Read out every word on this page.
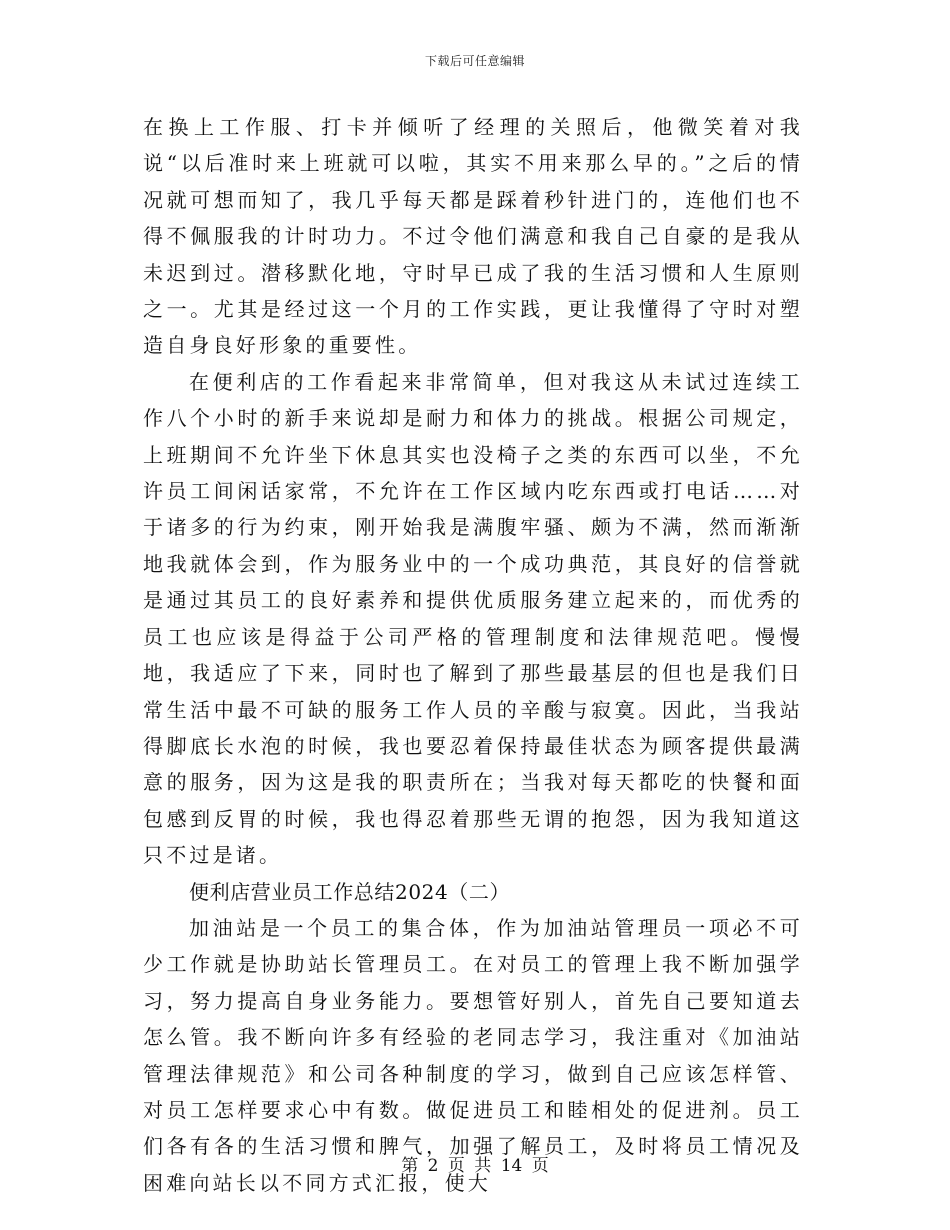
下载后可任意编辑

在换上工作服、打卡并倾听了经理的关照后，他微笑着对我说“以后准时来上班就可以啦，其实不用来那么早的。”之后的情况就可想而知了，我几乎每天都是踩着秒针进门的，连他们也不得不佩服我的计时功力。不过令他们满意和我自己自豪的是我从未迟到过。潜移默化地，守时早已成了我的生活习惯和人生原则之一。尤其是经过这一个月的工作实践，更让我懂得了守时对塑造自身良好形象的重要性。

在便利店的工作看起来非常简单，但对我这从未试过连续工作八个小时的新手来说却是耐力和体力的挑战。根据公司规定，上班期间不允许坐下休息其实也没椅子之类的东西可以坐，不允许员工间闲话家常，不允许在工作区域内吃东西或打电话……对于诸多的行为约束，刚开始我是满腹牢骚、颇为不满，然而渐渐地我就体会到，作为服务业中的一个成功典范，其良好的信誉就是通过其员工的良好素养和提供优质服务建立起来的，而优秀的员工也应该是得益于公司严格的管理制度和法律规范吧。慢慢地，我适应了下来，同时也了解到了那些最基层的但也是我们日常生活中最不可缺的服务工作人员的辛酸与寂寞。因此，当我站得脚底长水泡的时候，我也要忍着保持最佳状态为顾客提供最满意的服务，因为这是我的职责所在；当我对每天都吃的快餐和面包感到反胃的时候，我也得忍着那些无谓的抱怨，因为我知道这只不过是诸。

便利店营业员工作总结2024（二）

加油站是一个员工的集合体，作为加油站管理员一项必不可少工作就是协助站长管理员工。在对员工的管理上我不断加强学习，努力提高自身业务能力。要想管好别人，首先自己要知道去怎么管。我不断向许多有经验的老同志学习，我注重对《加油站管理法律规范》和公司各种制度的学习，做到自己应该怎样管、对员工怎样要求心中有数。做促进员工和睦相处的促进剂。员工们各有各的生活习惯和脾气，加强了解员工，及时将员工情况及困难向站长以不同方式汇报，使大

第 2 页 共 14 页
